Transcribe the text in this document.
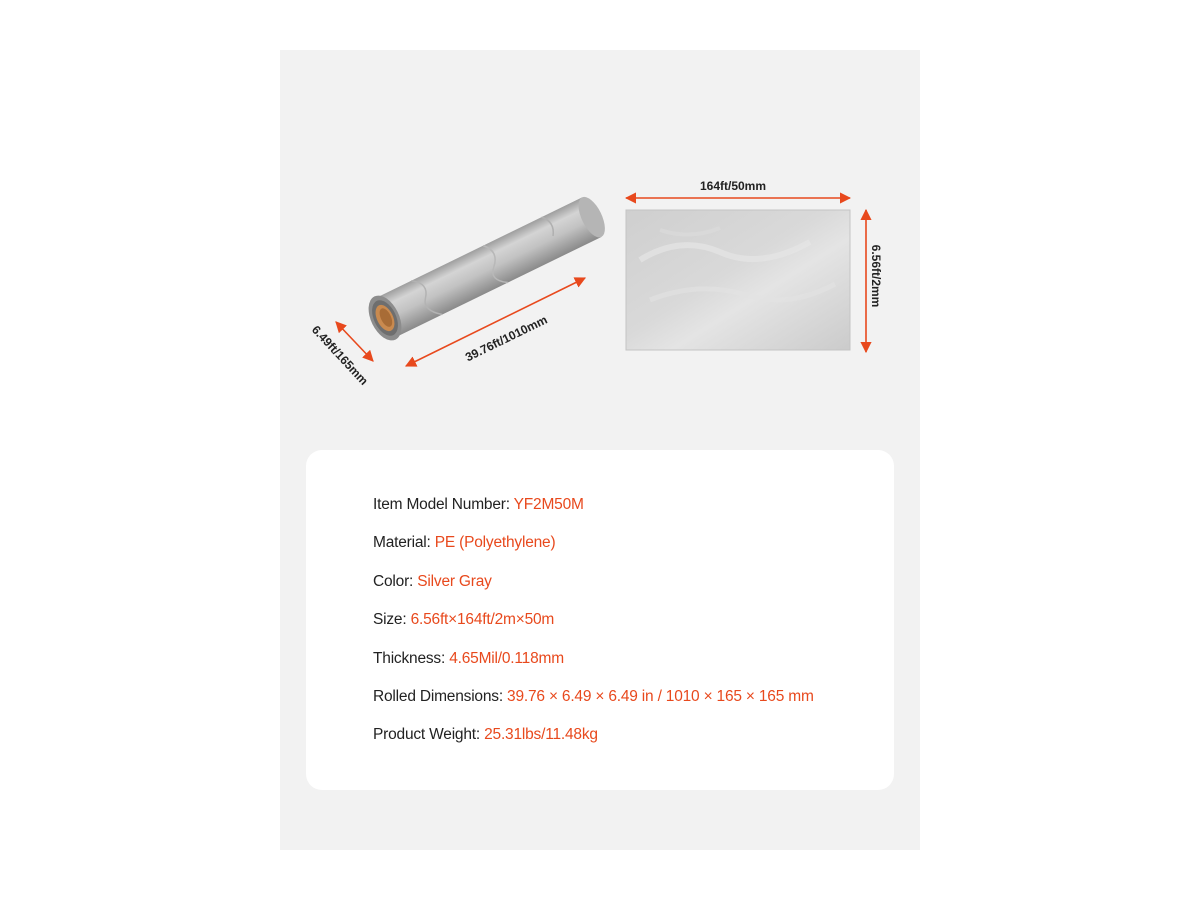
39.76ft/1010mm
6.49ft/165mm
164ft/50mm
6.56ft/2mm
Item Model Number: YF2M50M
Material: PE (Polyethylene)
Color: Silver Gray
Size: 6.56ft×164ft/2m×50m
Thickness: 4.65Mil/0.118mm
Rolled Dimensions: 39.76 × 6.49 × 6.49 in / 1010 × 165 × 165 mm
Product Weight: 25.31lbs/11.48kg
